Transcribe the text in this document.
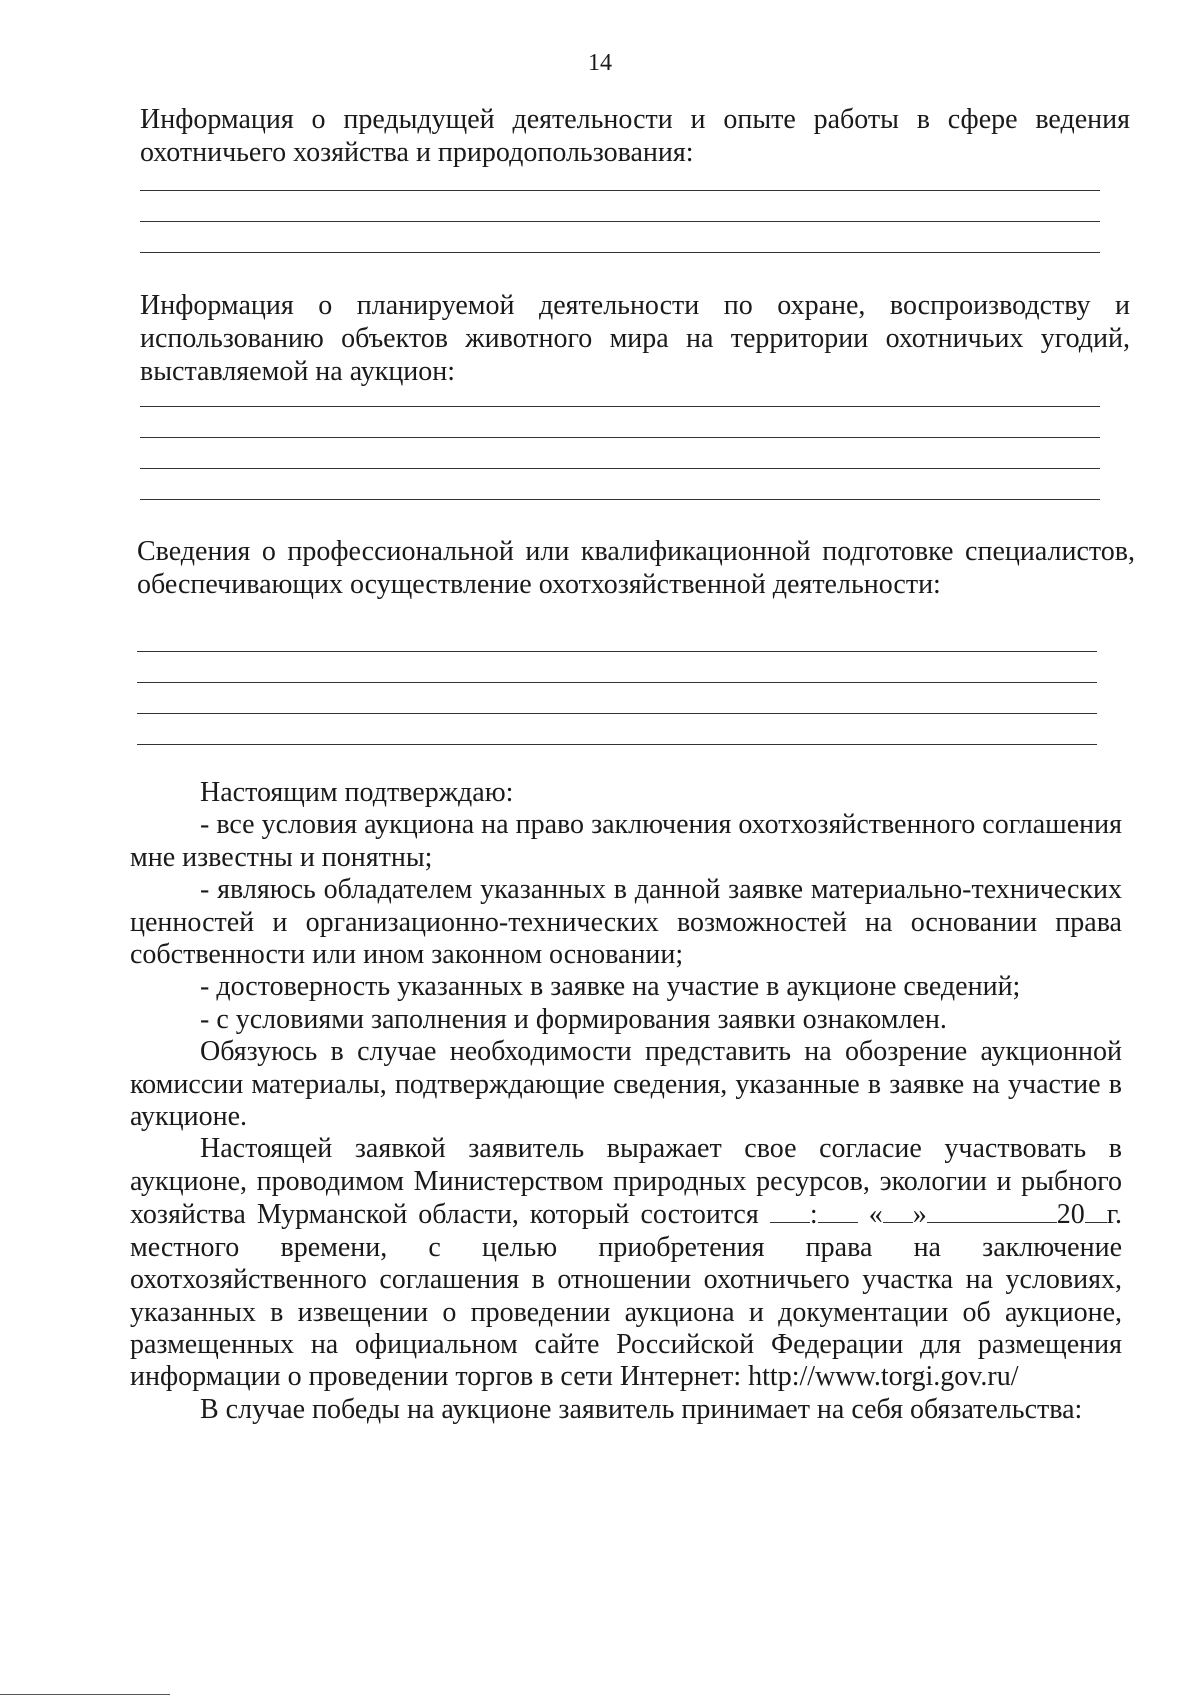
14
Информация о предыдущей деятельности и опыте работы в сфере ведения охотничьего хозяйства и природопользования:
Информация о планируемой деятельности по охране, воспроизводству и использованию объектов животного мира на территории охотничьих угодий, выставляемой на аукцион:
Сведения о профессиональной или квалификационной подготовке специалистов, обеспечивающих осуществление охотхозяйственной деятельности:

Настоящим подтверждаю:

- все условия аукциона на право заключения охотхозяйственного соглашения мне известны и понятны;

- являюсь обладателем указанных в данной заявке материально-технических ценностей и организационно-технических возможностей на основании права собственности или ином законном основании;

- достоверность указанных в заявке на участие в аукционе сведений;

- с условиями заполнения и формирования заявки ознакомлен.

Обязуюсь в случае необходимости представить на обозрение аукционной комиссии материалы, подтверждающие сведения, указанные в заявке на участие в аукционе.

Настоящей заявкой заявитель выражает свое согласие участвовать в аукционе, проводимом Министерством природных ресурсов, экологии и рыбного хозяйства Мурманской области, который состоится : « »	20 г. местного времени, с целью приобретения права на заключение охотхозяйственного соглашения в отношении охотничьего участка на условиях, указанных в извещении о проведении аукциона и документации об аукционе, размещенных на официальном сайте Российской Федерации для размещения информации о проведении торгов в сети Интернет: http://www.torgi.gov.ru/

В случае победы на аукционе заявитель принимает на себя обязательства:
